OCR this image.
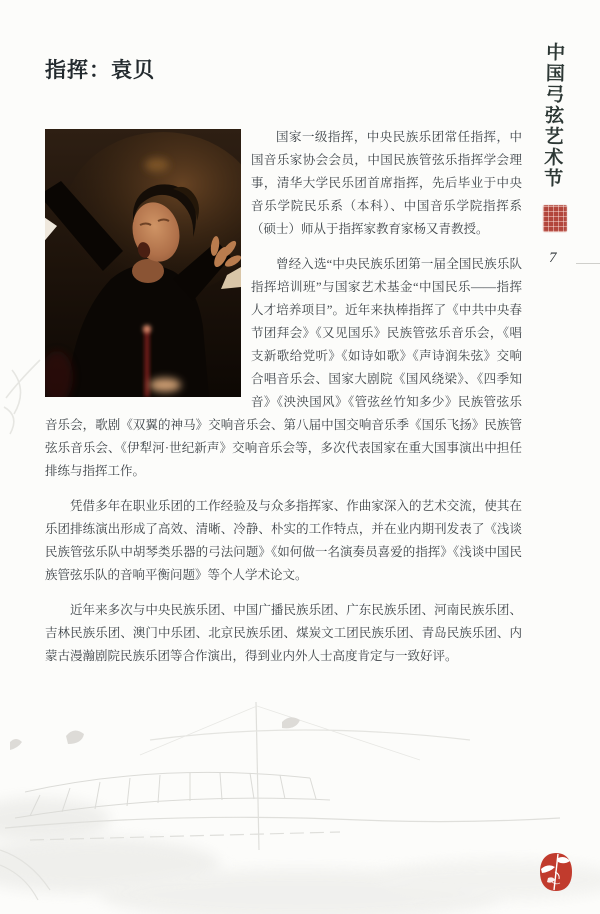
中国弓弦艺术节
7
指挥：袁贝

国家一级指挥，中央民族乐团常任指挥，中国音乐家协会会员，中国民族管弦乐指挥学会理事，清华大学民乐团首席指挥，先后毕业于中央音乐学院民乐系（本科）、中国音乐学院指挥系（硕士）师从于指挥家教育家杨又青教授。

曾经入选“中央民族乐团第一届全国民族乐队指挥培训班”与国家艺术基金“中国民乐——指挥人才培养项目”。近年来执棒指挥了《中共中央春节团拜会》《又见国乐》民族管弦乐音乐会，《唱支新歌给党听》《如诗如歌》《声诗润朱弦》交响合唱音乐会、国家大剧院《国风绕梁》、《四季知音》《泱泱国风》《管弦丝竹知多少》民族管弦乐音乐会，歌剧《双翼的神马》交响音乐会、第八届中国交响音乐季《国乐飞扬》民族管弦乐音乐会、《伊犁河·世纪新声》交响音乐会等，多次代表国家在重大国事演出中担任排练与指挥工作。

凭借多年在职业乐团的工作经验及与众多指挥家、作曲家深入的艺术交流，使其在乐团排练演出形成了高效、清晰、冷静、朴实的工作特点，并在业内期刊发表了《浅谈民族管弦乐队中胡琴类乐器的弓法问题》《如何做一名演奏员喜爱的指挥》《浅谈中国民族管弦乐队的音响平衡问题》等个人学术论文。

近年来多次与中央民族乐团、中国广播民族乐团、广东民族乐团、河南民族乐团、吉林民族乐团、澳门中乐团、北京民族乐团、煤炭文工团民族乐团、青岛民族乐团、内蒙古漫瀚剧院民族乐团等合作演出，得到业内外人士高度肯定与一致好评。
